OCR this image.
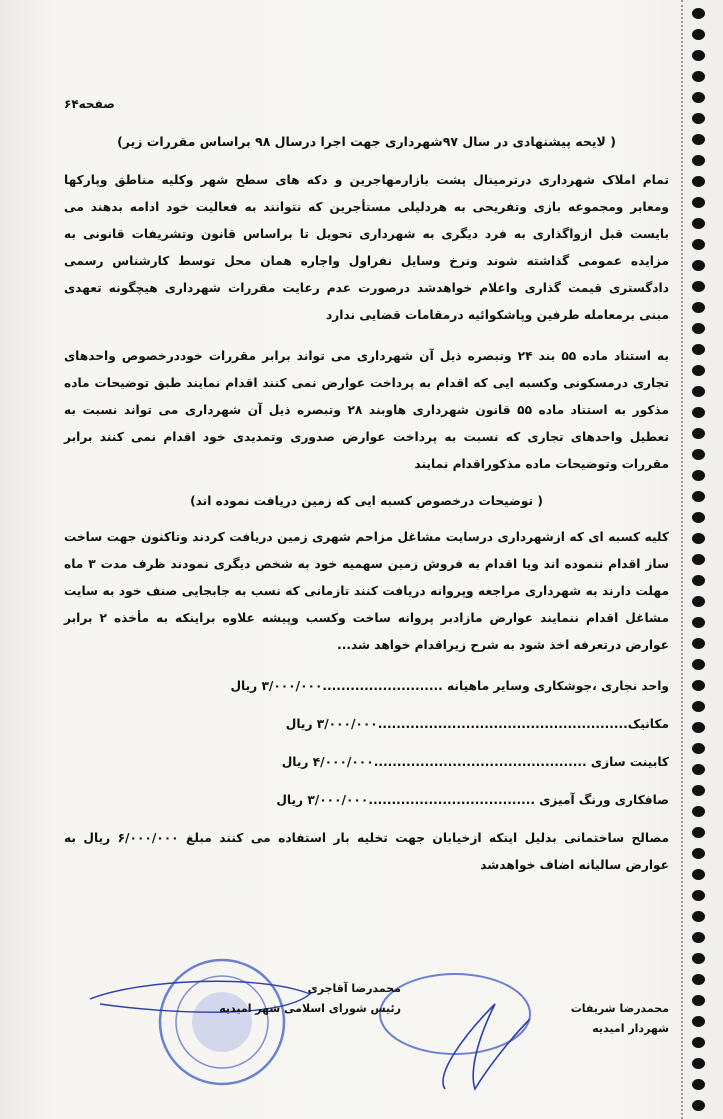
صفحه۶۴
( لایحه پیشنهادی در سال ۹۷شهرداری جهت اجرا درسال ۹۸ براساس مقررات زیر)
تمام املاک شهرداری درترمینال پشت بازارمهاجرین و دکه های سطح شهر وکلیه مناطق وپارکها ومعابر ومجموعه بازی وتفریحی به هردلیلی مستأجرین که نتوانند به فعالیت خود ادامه بدهند می بایست قبل ازواگذاری به فرد دیگری به شهرداری تحویل تا براساس قانون وتشریفات قانونی به مزایده عمومی گذاشته شوند ونرخ وسایل نفراول واجاره همان محل توسط کارشناس رسمی دادگستری قیمت گذاری واعلام خواهدشد درصورت عدم رعایت مقررات شهرداری هیچگونه تعهدی مبنی برمعامله طرفین وپاشکوائیه درمقامات قضایی ندارد
به استناد ماده ۵۵ بند ۲۴ وتبصره ذیل آن شهرداری می تواند برابر مقررات خوددرخصوص واحدهای تجاری درمسکونی وکسبه ایی که اقدام به پرداخت عوارض نمی کنند اقدام نمایند طبق توضیحات ماده مذکور به استناد ماده ۵۵ قانون شهرداری هاوبند ۲۸ وتبصره ذیل آن شهرداری می تواند نسبت به تعطیل واحدهای تجاری که نسبت به پرداخت عوارض صدوری وتمدیدی خود اقدام نمی کنند برابر مقررات وتوضیحات ماده مذکوراقدام نمایند
( توضیحات درخصوص کسبه ایی که زمین دریافت نموده اند)
کلیه کسبه ای که ازشهرداری درسایت مشاغل مزاحم شهری زمین دریافت کردند وتاکنون جهت ساخت ساز اقدام ننموده اند ویا اقدام به فروش زمین سهمیه خود به شخص دیگری نمودند ظرف مدت ۳ ماه مهلت دارند به شهرداری مراجعه وپروانه دریافت کنند تازمانی که نسب به جابجایی صنف خود به سایت مشاغل اقدام ننمایند عوارض مازادبر پروانه ساخت وکسب وپیشه علاوه براینکه به مأخذه ۲ برابر عوارض درتعرفه اخذ شود به شرح زیراقدام خواهد شد...
واحد نجاری ،جوشکاری وسایر ماهیانه ..........................۳/۰۰۰/۰۰۰ ریال
مکانیک......................................................۳/۰۰۰/۰۰۰ ریال
کابینت سازی ..............................................۴/۰۰۰/۰۰۰ ریال
صافکاری ورنگ آمیزی ....................................۳/۰۰۰/۰۰۰ ریال
مصالح ساختمانی بدلیل اینکه ازخیابان جهت تخلیه بار استفاده می کنند مبلغ ۶/۰۰۰/۰۰۰ ریال به عوارض سالیانه اضاف خواهدشد
محمدرضا آقاجری
رئیس شورای اسلامی شهر امیدیه	محمدرضا شریفات
شهردار امیدیه
